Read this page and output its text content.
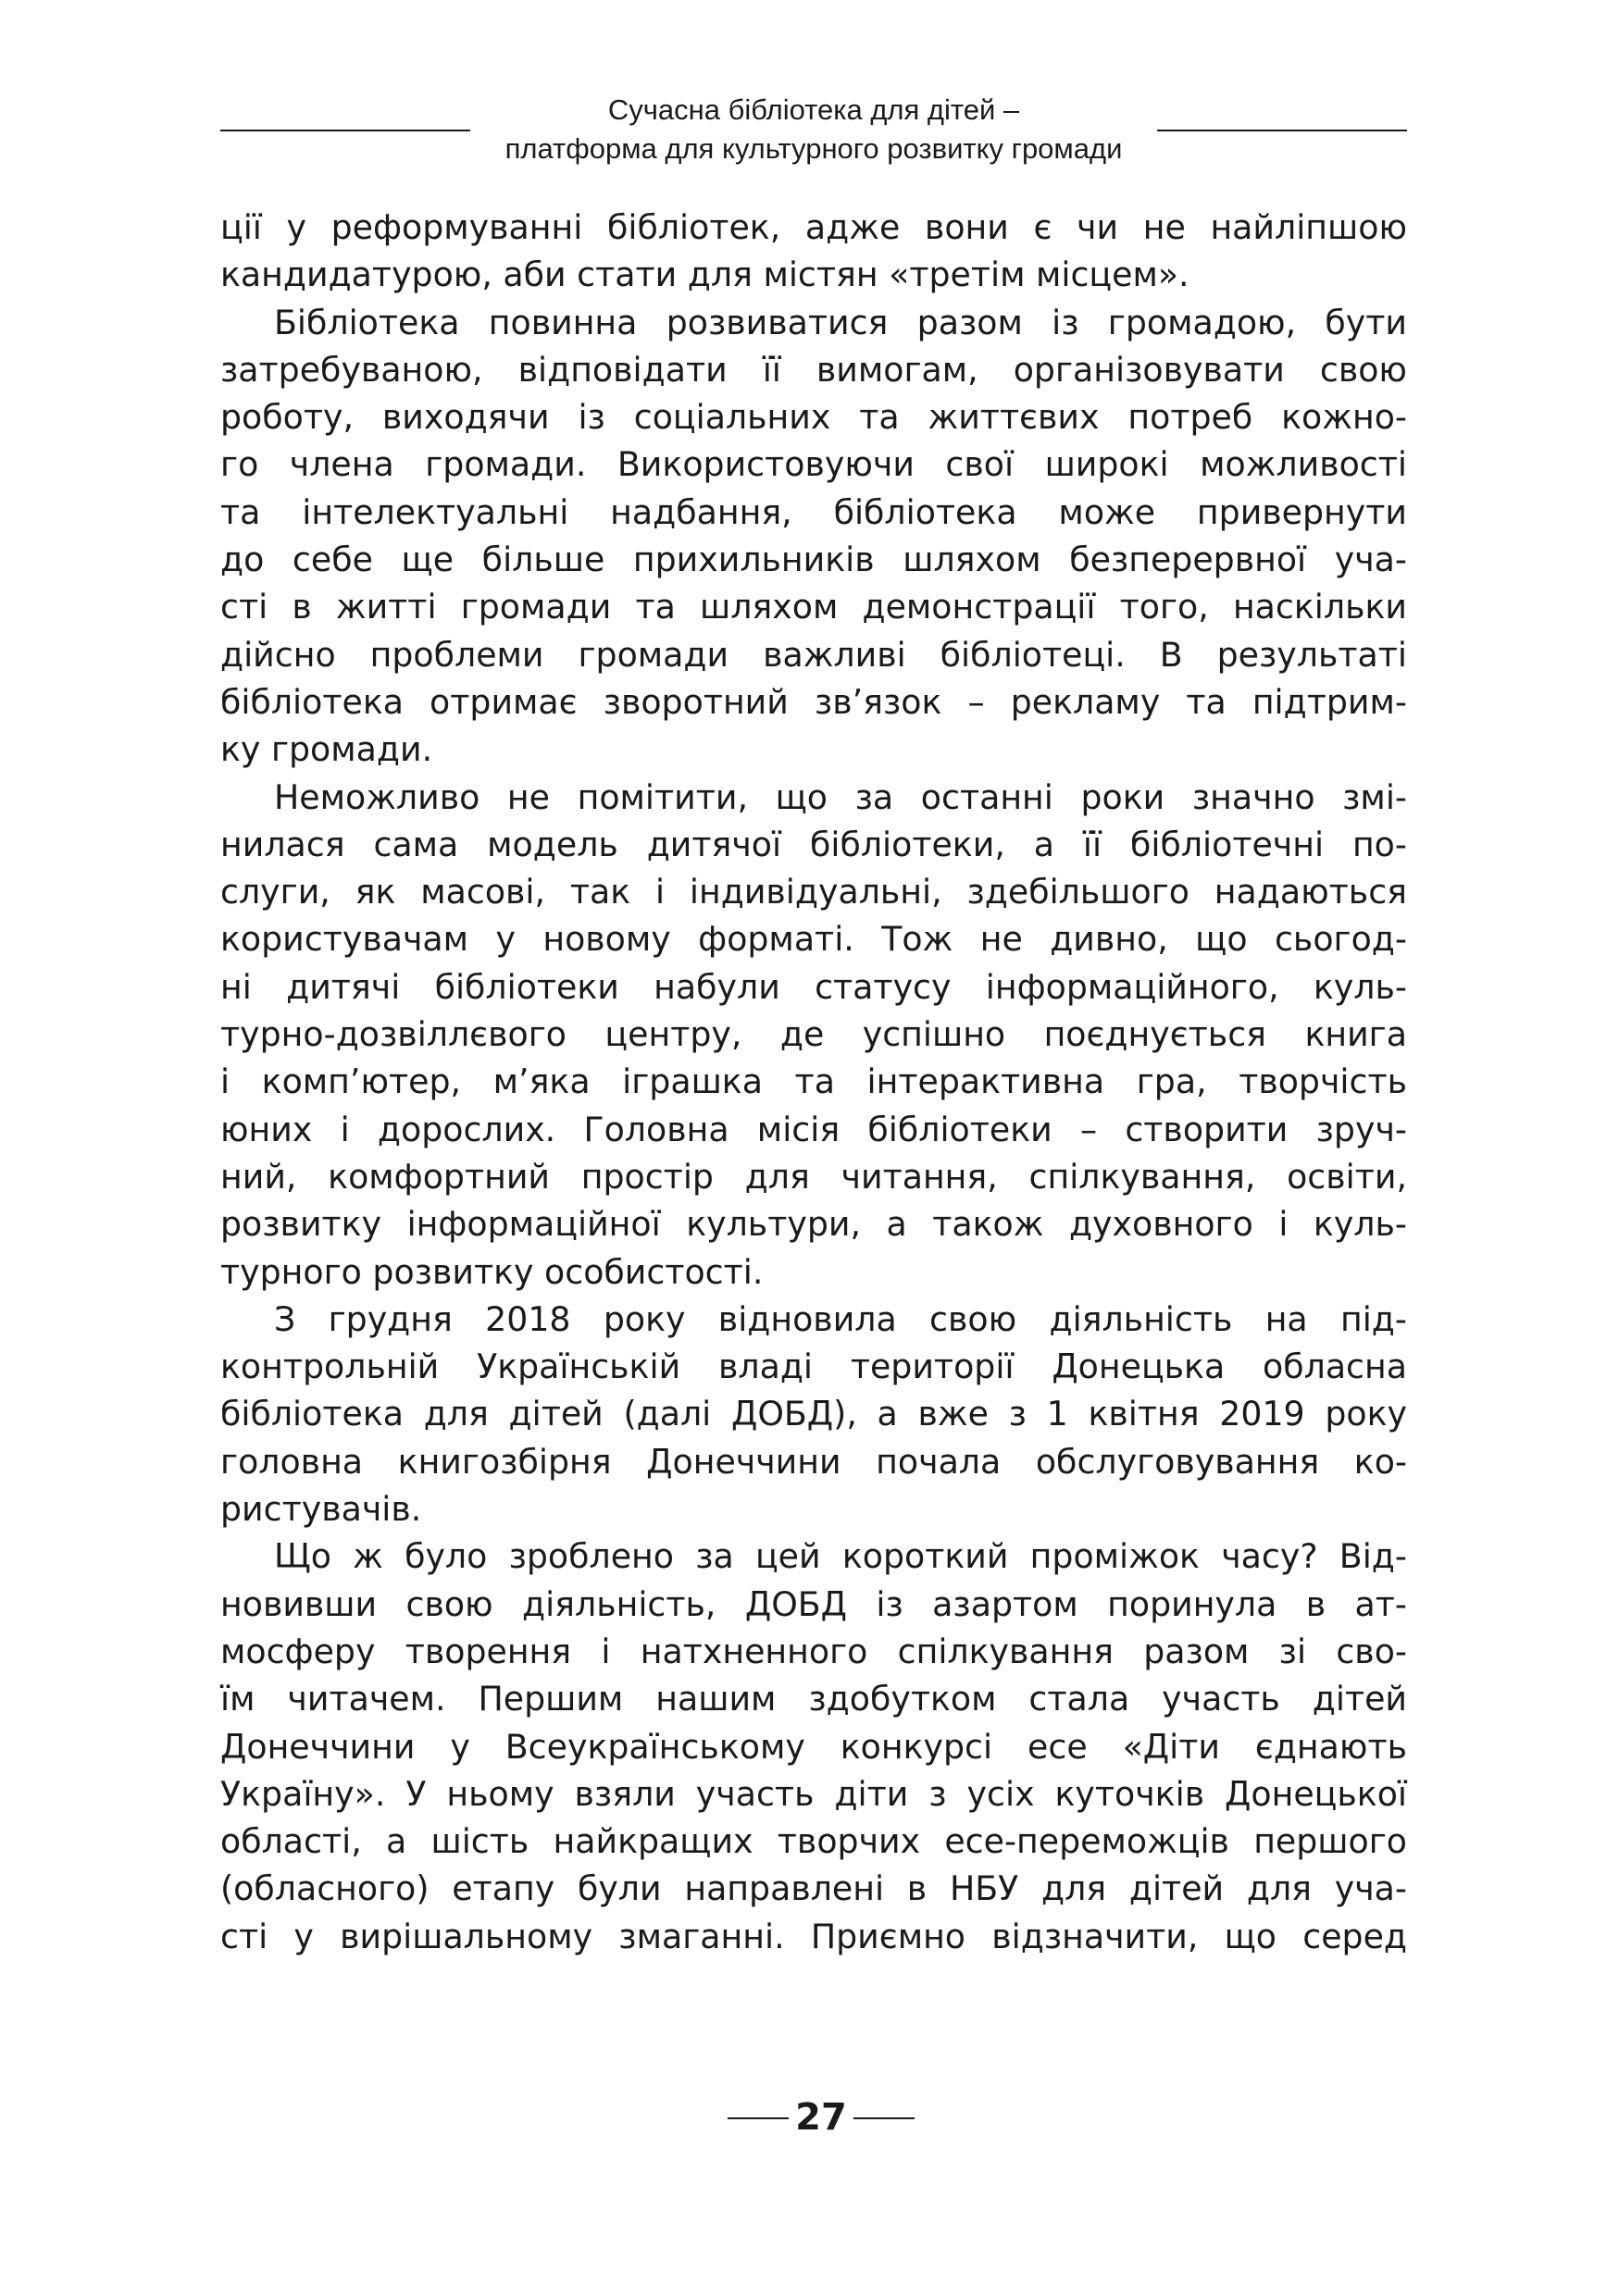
Сучасна бібліотека для дітей –
платформа для культурного розвитку громади

ції у реформуванні бібліотек, адже вони є чи не найліпшою
кандидатурою, аби стати для містян «третім місцем».

Бібліотека повинна розвиватися разом із громадою, бути
затребуваною, відповідати її вимогам, організовувати свою
роботу, виходячи із соціальних та життєвих потреб кожно-
го члена громади. Використовуючи свої широкі можливості
та інтелектуальні надбання, бібліотека може привернути
до себе ще більше прихильників шляхом безперервної уча-
сті в житті громади та шляхом демонстрації того, наскільки
дійсно проблеми громади важливі бібліотеці. В результаті
бібліотека отримає зворотний зв’язок – рекламу та підтрим-
ку громади.

Неможливо не помітити, що за останні роки значно змі-
нилася сама модель дитячої бібліотеки, а її бібліотечні по-
слуги, як масові, так і індивідуальні, здебільшого надаються
користувачам у новому форматі. Тож не дивно, що сьогод-
ні дитячі бібліотеки набули статусу інформаційного, куль-
турно-дозвіллєвого центру, де успішно поєднується книга
і комп’ютер, м’яка іграшка та інтерактивна гра, творчість
юних і дорослих. Головна місія бібліотеки – створити зруч-
ний, комфортний простір для читання, спілкування, освіти,
розвитку інформаційної культури, а також духовного і куль-
турного розвитку особистості.

З грудня 2018 року відновила свою діяльність на під-
контрольній Українській владі території Донецька обласна
бібліотека для дітей (далі ДОБД), а вже з 1 квітня 2019 року
головна книгозбірня Донеччини почала обслуговування ко-
ристувачів.

Що ж було зроблено за цей короткий проміжок часу? Від-
новивши свою діяльність, ДОБД із азартом поринула в ат-
мосферу творення і натхненного спілкування разом зі сво-
їм читачем. Першим нашим здобутком стала участь дітей
Донеччини у Всеукраїнському конкурсі есе «Діти єднають
Україну». У ньому взяли участь діти з усіх куточків Донецької
області, а шість найкращих творчих есе-переможців першого
(обласного) етапу були направлені в НБУ для дітей для уча-
сті у вирішальному змаганні. Приємно відзначити, що серед

27
